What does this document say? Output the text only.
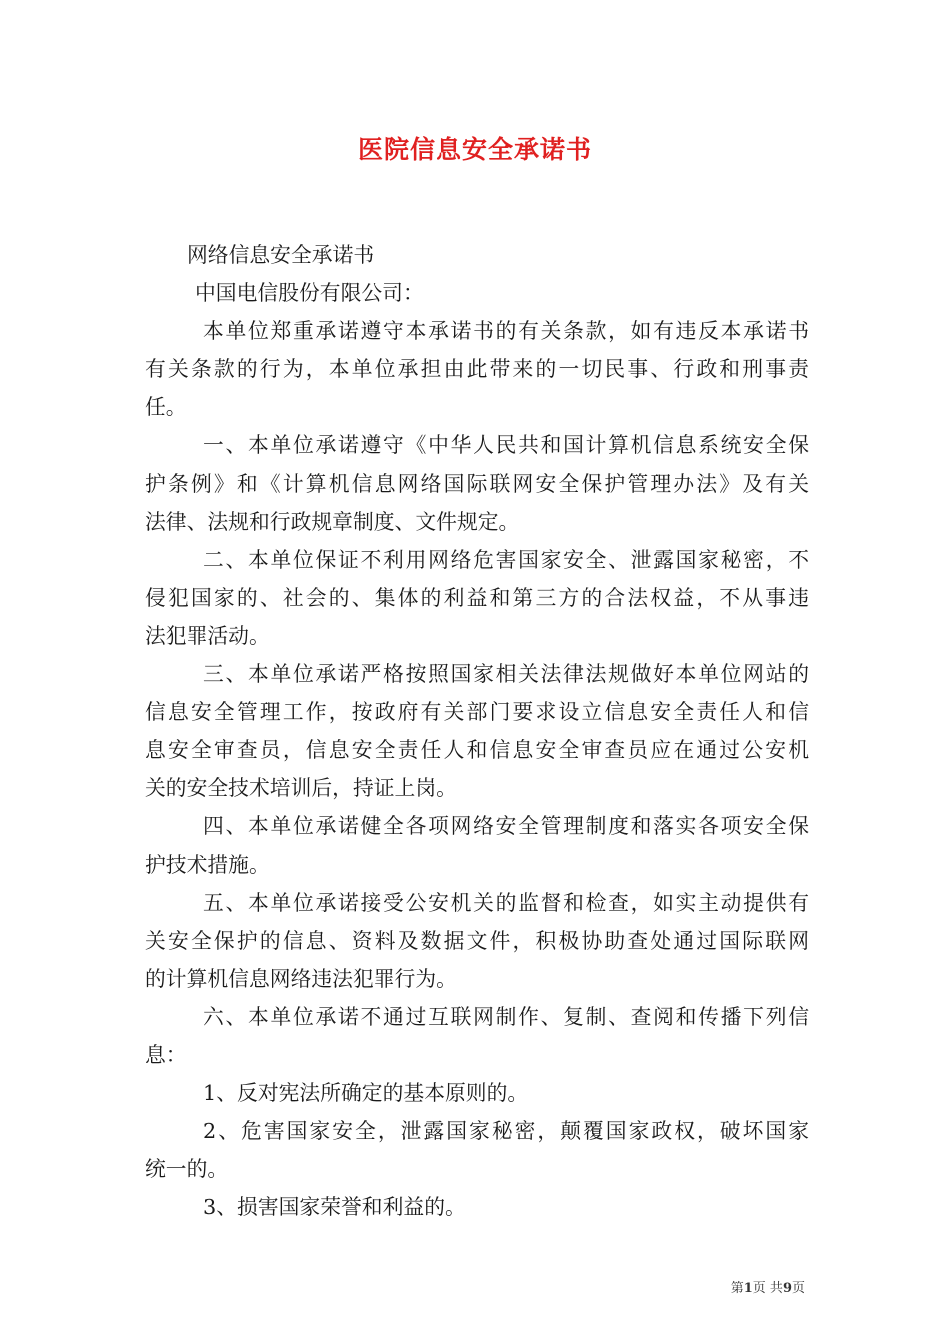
医院信息安全承诺书

网络信息安全承诺书

中国电信股份有限公司：

本单位郑重承诺遵守本承诺书的有关条款，如有违反本承诺书

有关条款的行为，本单位承担由此带来的一切民事、行政和刑事责

任。

一、本单位承诺遵守《中华人民共和国计算机信息系统安全保

护条例》和《计算机信息网络国际联网安全保护管理办法》及有关

法律、法规和行政规章制度、文件规定。

二、本单位保证不利用网络危害国家安全、泄露国家秘密，不

侵犯国家的、社会的、集体的利益和第三方的合法权益，不从事违

法犯罪活动。

三、本单位承诺严格按照国家相关法律法规做好本单位网站的

信息安全管理工作，按政府有关部门要求设立信息安全责任人和信

息安全审查员，信息安全责任人和信息安全审查员应在通过公安机

关的安全技术培训后，持证上岗。

四、本单位承诺健全各项网络安全管理制度和落实各项安全保

护技术措施。

五、本单位承诺接受公安机关的监督和检查，如实主动提供有

关安全保护的信息、资料及数据文件，积极协助查处通过国际联网

的计算机信息网络违法犯罪行为。

六、本单位承诺不通过互联网制作、复制、查阅和传播下列信

息：

1、反对宪法所确定的基本原则的。

2、危害国家安全，泄露国家秘密，颠覆国家政权，破坏国家

统一的。

3、损害国家荣誉和利益的。

第1页 共9页
